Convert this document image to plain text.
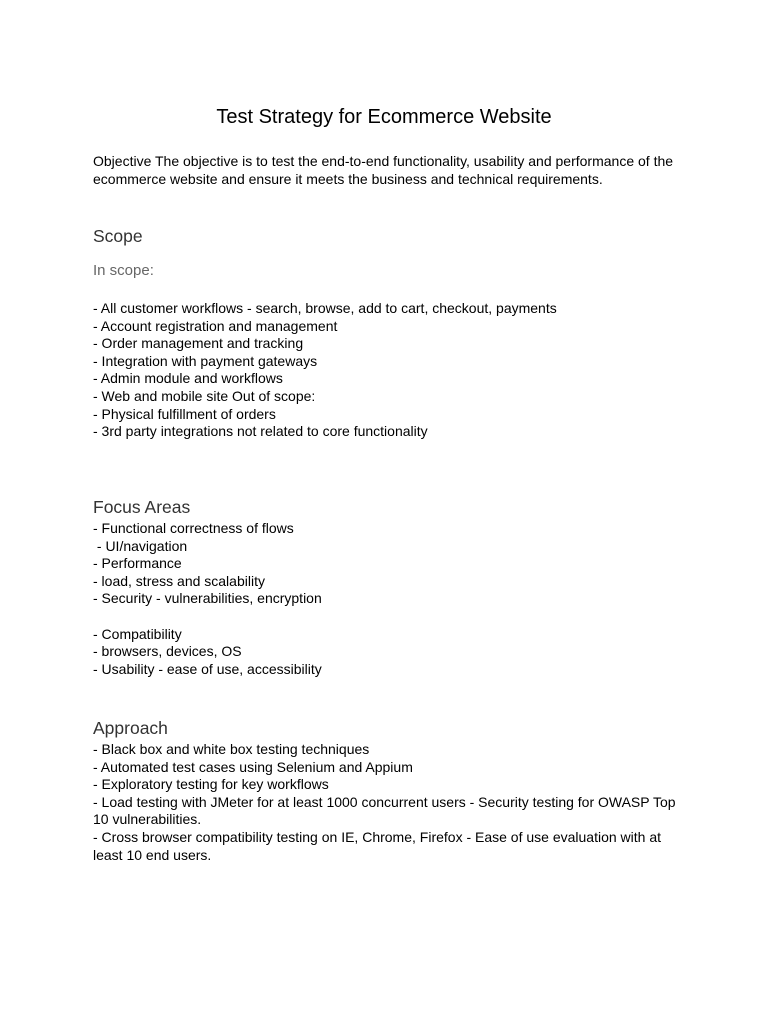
Test Strategy for Ecommerce Website

Objective The objective is to test the end-to-end functionality, usability and performance of the ecommerce website and ensure it meets the business and technical requirements.

Scope
In scope:
- All customer workflows - search, browse, add to cart, checkout, payments
- Account registration and management
- Order management and tracking
- Integration with payment gateways
- Admin module and workflows
- Web and mobile site Out of scope:
- Physical fulfillment of orders
- 3rd party integrations not related to core functionality
Focus Areas
- Functional correctness of flows
- UI/navigation
- Performance
- load, stress and scalability
- Security - vulnerabilities, encryption
- Compatibility
- browsers, devices, OS
- Usability - ease of use, accessibility
Approach
- Black box and white box testing techniques
- Automated test cases using Selenium and Appium
- Exploratory testing for key workflows
- Load testing with JMeter for at least 1000 concurrent users - Security testing for OWASP Top 10 vulnerabilities.
- Cross browser compatibility testing on IE, Chrome, Firefox - Ease of use evaluation with at least 10 end users.
